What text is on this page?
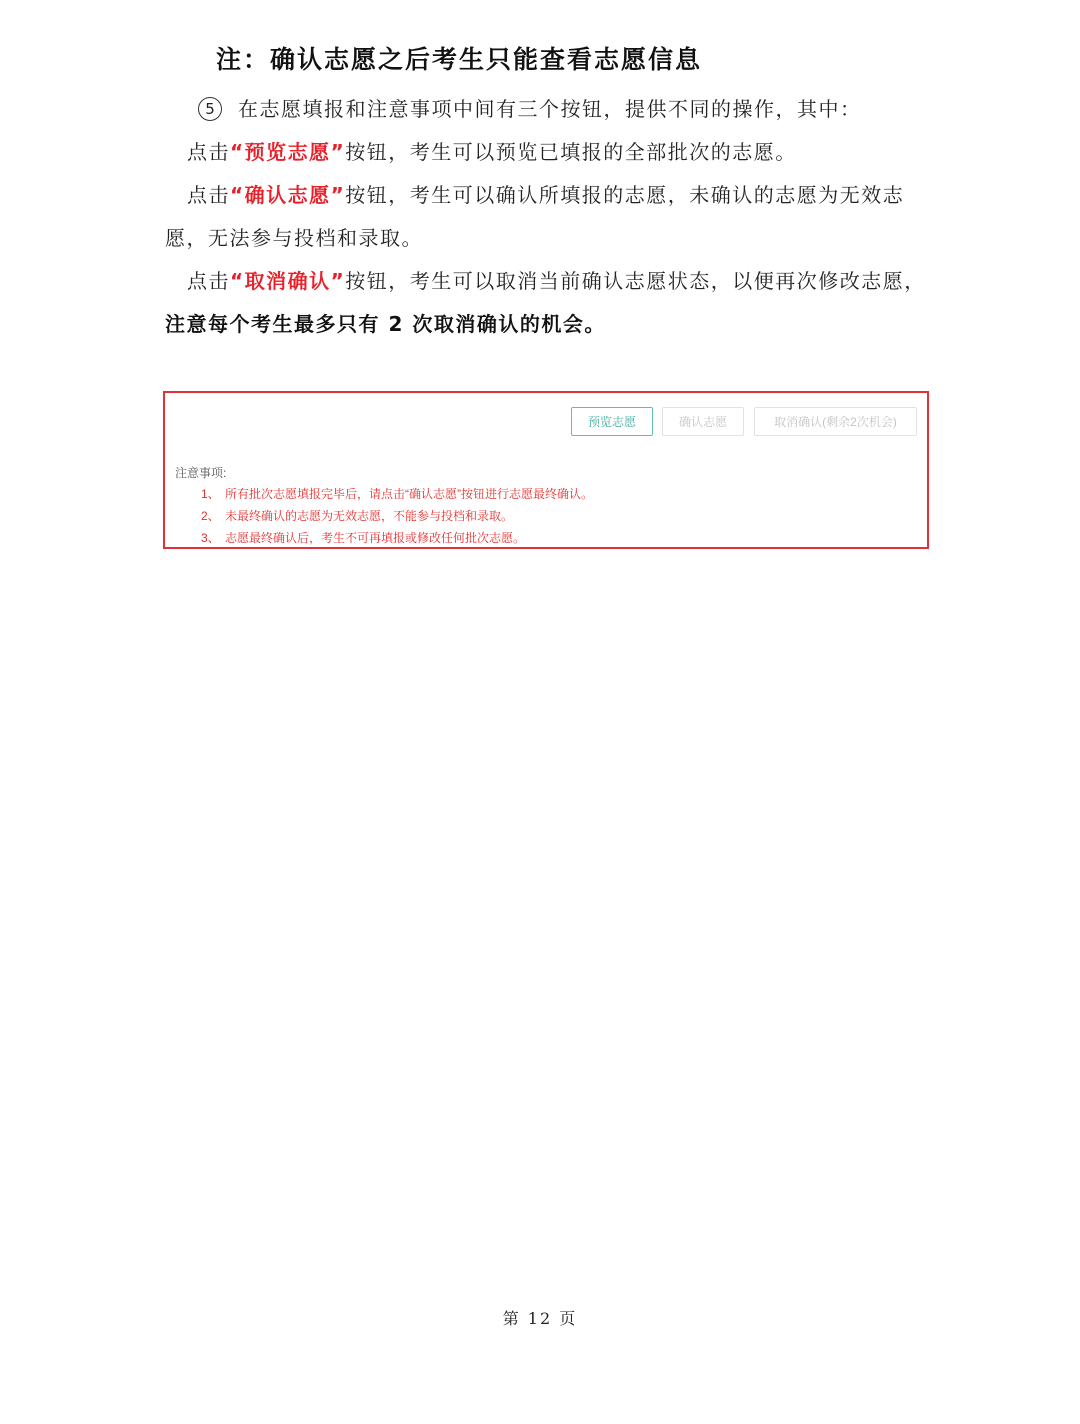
注：确认志愿之后考生只能查看志愿信息
5 在志愿填报和注意事项中间有三个按钮，提供不同的操作，其中：
点击“预览志愿”按钮，考生可以预览已填报的全部批次的志愿。
点击“确认志愿”按钮，考生可以确认所填报的志愿，未确认的志愿为无效志愿，无法参与投档和录取。
点击“取消确认”按钮，考生可以取消当前确认志愿状态，以便再次修改志愿，注意每个考生最多只有 2 次取消确认的机会。
预览志愿	确认志愿	取消确认(剩余2次机会)
注意事项:
1、 所有批次志愿填报完毕后，请点击“确认志愿”按钮进行志愿最终确认。
2、 未最终确认的志愿为无效志愿，不能参与投档和录取。
3、 志愿最终确认后，考生不可再填报或修改任何批次志愿。
第 12 页
